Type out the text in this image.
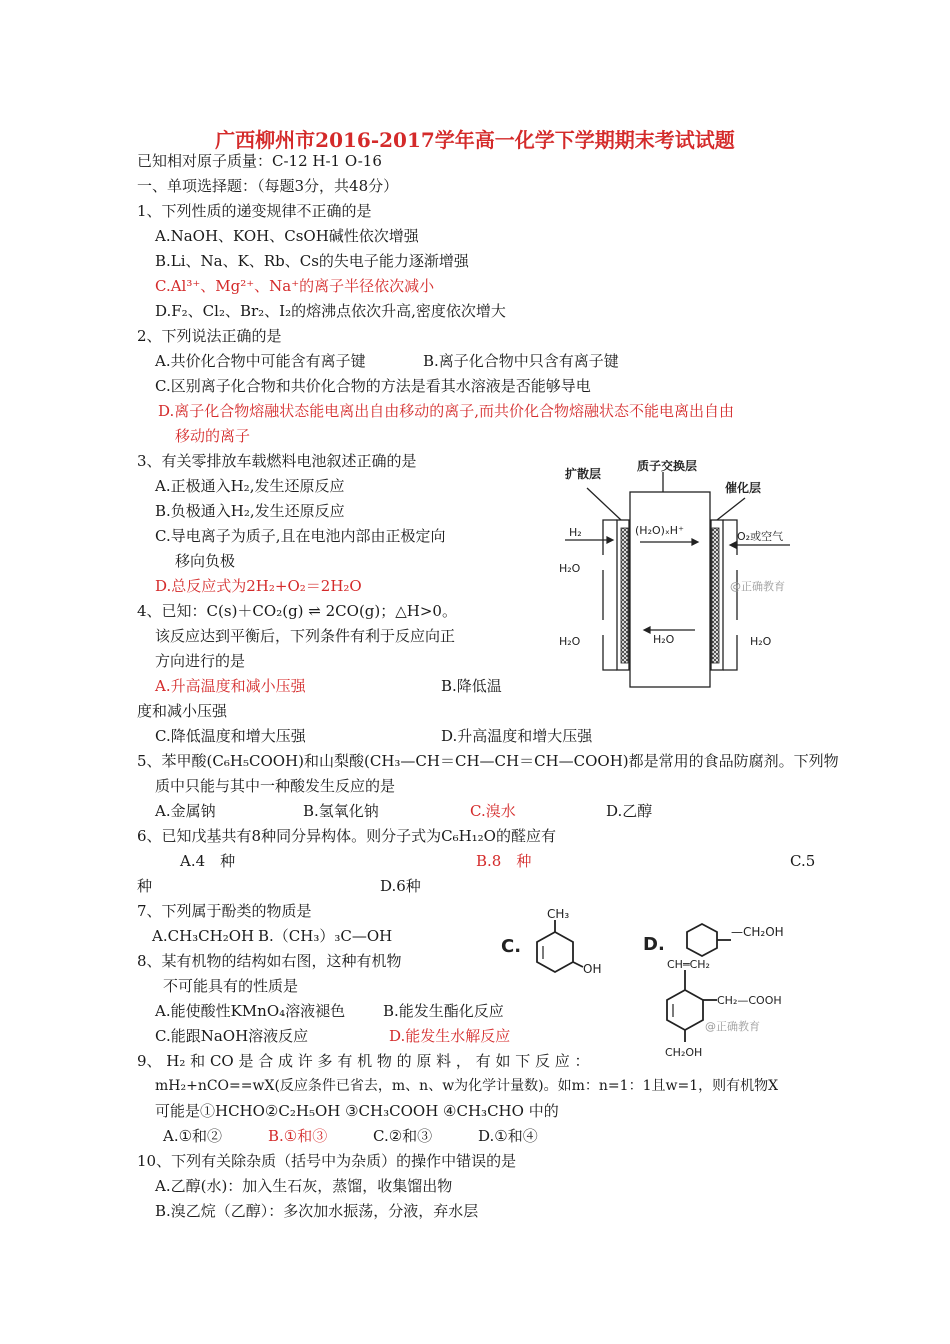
广西柳州市2016-2017学年高一化学下学期期末考试试题
已知相对原子质量：C-12 H-1 O-16
一、单项选择题：（每题3分，共48分）
1、下列性质的递变规律不正确的是
A.NaOH、KOH、CsOH碱性依次增强
B.Li、Na、K、Rb、Cs的失电子能力逐渐增强
C.Al³⁺、Mg²⁺、Na⁺的离子半径依次减小
D.F₂、Cl₂、Br₂、I₂的熔沸点依次升高,密度依次增大
2、下列说法正确的是
A.共价化合物中可能含有离子键	B.离子化合物中只含有离子键
C.区别离子化合物和共价化合物的方法是看其水溶液是否能够导电
D.离子化合物熔融状态能电离出自由移动的离子,而共价化合物熔融状态不能电离出自由
移动的离子
3、有关零排放车载燃料电池叙述正确的是
A.正极通入H₂,发生还原反应
B.负极通入H₂,发生还原反应
C.导电离子为质子,且在电池内部由正极定向
移向负极
D.总反应式为2H₂+O₂＝2H₂O
4、已知：C(s)＋CO₂(g) ⇌ 2CO(g)；△H>0。
该反应达到平衡后，下列条件有利于反应向正
方向进行的是
A.升高温度和减小压强	B.降低温
度和减小压强
C.降低温度和增大压强	D.升高温度和增大压强
5、苯甲酸(C₆H₅COOH)和山梨酸(CH₃—CH＝CH—CH＝CH—COOH)都是常用的食品防腐剂。下列物
质中只能与其中一种酸发生反应的是
A.金属钠	B.氢氧化钠	C.溴水	D.乙醇
6、已知戊基共有8种同分异构体。则分子式为C₆H₁₂O的醛应有
A.4　种	B.8　种	C.5
种	D.6种
7、下列属于酚类的物质是
A.CH₃CH₂OH B.（CH₃）₃C—OH
8、某有机物的结构如右图，这种有机物
不可能具有的性质是
A.能使酸性KMnO₄溶液褪色	B.能发生酯化反应
C.能跟NaOH溶液反应	D.能发生水解反应
9、 H₂ 和 CO 是 合 成 许 多 有 机 物 的 原 料 ， 有 如 下 反 应 ：
mH₂+nCO==wX(反应条件已省去，m、n、w为化学计量数)。如m：n=1：1且w=1，则有机物X
可能是①HCHO②C₂H₅OH ③CH₃COOH ④CH₃CHO 中的
A.①和②	B.①和③	C.②和③	D.①和④
10、下列有关除杂质（括号中为杂质）的操作中错误的是
A.乙醇(水)：加入生石灰，蒸馏，收集馏出物
B.溴乙烷（乙醇）：多次加水振荡，分液，弃水层
扩散层
质子交换层
催化层
H₂
H₂O
(H₂O)ₓH⁺	O₂或空气
@正确教育
H₂O	H₂O	H₂O
C.
CH₃
OH
D.
—CH₂OH
CH═CH₂
CH₂—COOH
@正确教育
CH₂OH
